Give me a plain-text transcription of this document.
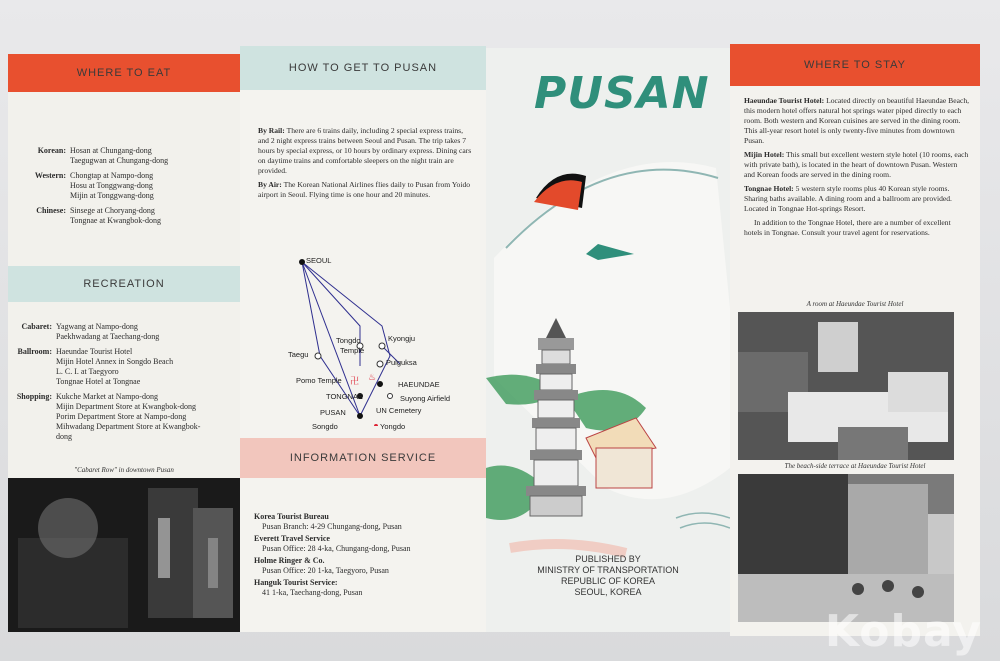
WHERE TO EAT
Korean: Hosan at Chungang-dong
Taegugwan at Chungang-dong
Western: Chongtap at Nampo-dong
Hosu at Tonggwang-dong
Mijin at Tonggwang-dong
Chinese: Sinsege at Choryang-dong
Tongnae at Kwangbok-dong
RECREATION
Cabaret: Yagwang at Nampo-dong
Paekhwadang at Taechang-dong
Ballroom: Haeundae Tourist Hotel
Mijin Hotel Annex in Songdo Beach
L. C. I. at Taegyoro
Tongnae Hotel at Tongnae
Shopping: Kukche Market at Nampo-dong
Mijin Department Store at Kwangbok-dong
Porim Department Store at Nampo-dong
Mihwadang Department Store at Kwangbok-
dong
"Cabaret Row" in downtown Pusan
HOW TO GET TO PUSAN
By Rail: There are 6 trains daily, including 2 special express trains, and 2 night express trains between Seoul and Pusan. The trip takes 7 hours by special express, or 10 hours by ordinary express. Dining cars on daytime trains and comfortable sleepers on the night train are provided.
By Air: The Korean National Airlines flies daily to Pusan from Yoido airport in Seoul. Flying time is one hour and 20 minutes.
卍 ♨
SEOUL
Taegu
Tongdo
Temple
Kyongju
Pulguksa
Pomo Temple	HAEUNDAE
TONGNAE	Suyong Airfield
PUSAN	UN Cemetery
Songdo	Yongdo
INFORMATION SERVICE
Korea Tourist Bureau
Pusan Branch: 4-29 Chungang-dong, Pusan
Everett Travel Service
Pusan Office: 28 4-ka, Chungang-dong, Pusan
Holme Ringer & Co.
Pusan Office: 20 1-ka, Taegyoro, Pusan
Hanguk Tourist Service:
41 1-ka, Taechang-dong, Pusan
PUSAN
PUBLISHED BY
MINISTRY OF TRANSPORTATION
REPUBLIC OF KOREA
SEOUL, KOREA
WHERE TO STAY
Haeundae Tourist Hotel: Located directly on beautiful Haeundae Beach, this modern hotel offers natural hot springs water piped directly to each room. Both western and Korean cuisines are served in the dining room. This all-year resort hotel is only twenty-five minutes from downtown Pusan.
Mijin Hotel: This small but excellent western style hotel (10 rooms, each with private bath), is located in the heart of downtown Pusan. Western and Korean foods are served in the dining room.
Tongnae Hotel: 5 western style rooms plus 40 Korean style rooms. Sharing baths available. A dining room and a ballroom are provided. Located in Tongnae Hot-springs Resort.
In addition to the Tongnae Hotel, there are a number of excellent hotels in Tongnae. Consult your travel agent for reservations.
A room at Haeundae Tourist Hotel
The beach-side terrace at Haeundae Tourist Hotel
Kobay
